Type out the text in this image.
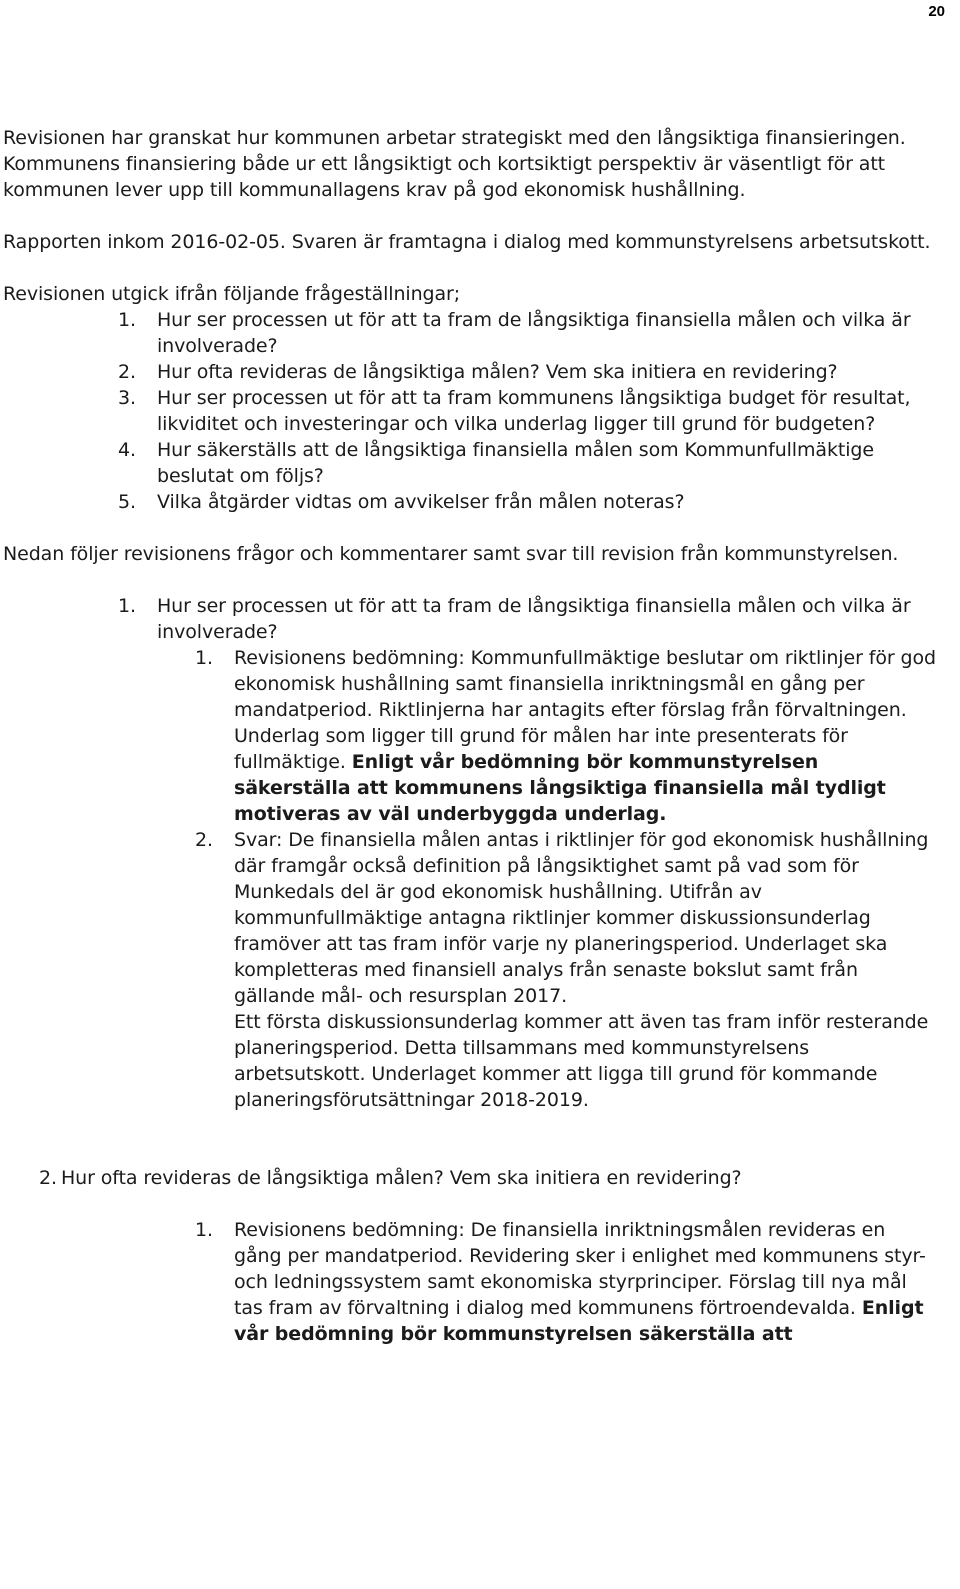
20

Revisionen har granskat hur kommunen arbetar strategiskt med den långsiktiga finansieringen. Kommunens finansiering både ur ett långsiktigt och kortsiktigt perspektiv är väsentligt för att kommunen lever upp till kommunallagens krav på god ekonomisk hushållning.

Rapporten inkom 2016-02-05. Svaren är framtagna i dialog med kommunstyrelsens arbetsutskott.

Revisionen utgick ifrån följande frågeställningar;

1.	Hur ser processen ut för att ta fram de långsiktiga finansiella målen och vilka är involverade?
2.	Hur ofta revideras de långsiktiga målen? Vem ska initiera en revidering?
3.	Hur ser processen ut för att ta fram kommunens långsiktiga budget för resultat, likviditet och investeringar och vilka underlag ligger till grund för budgeten?
4.	Hur säkerställs att de långsiktiga finansiella målen som Kommunfullmäktige beslutat om följs?
5.	Vilka åtgärder vidtas om avvikelser från målen noteras?

Nedan följer revisionens frågor och kommentarer samt svar till revision från kommunstyrelsen.

1.	Hur ser processen ut för att ta fram de långsiktiga finansiella målen och vilka är involverade?
1.	Revisionens bedömning: Kommunfullmäktige beslutar om riktlinjer för god ekonomisk hushållning samt finansiella inriktningsmål en gång per mandatperiod. Riktlinjerna har antagits efter förslag från förvaltningen. Underlag som ligger till grund för målen har inte presenterats för fullmäktige. Enligt vår bedömning bör kommunstyrelsen säkerställa att kommunens långsiktiga finansiella mål tydligt motiveras av väl underbyggda underlag.
2.	Svar: De finansiella målen antas i riktlinjer för god ekonomisk hushållning där framgår också definition på långsiktighet samt på vad som för Munkedals del är god ekonomisk hushållning. Utifrån av kommunfullmäktige antagna riktlinjer kommer diskussionsunderlag framöver att tas fram inför varje ny planeringsperiod. Underlaget ska kompletteras med finansiell analys från senaste bokslut samt från gällande mål- och resursplan 2017.
Ett första diskussionsunderlag kommer att även tas fram inför resterande planeringsperiod. Detta tillsammans med kommunstyrelsens arbetsutskott. Underlaget kommer att ligga till grund för kommande planeringsförutsättningar 2018-2019.
2. Hur ofta revideras de långsiktiga målen? Vem ska initiera en revidering?
1.	Revisionens bedömning: De finansiella inriktningsmålen revideras en gång per mandatperiod. Revidering sker i enlighet med kommunens styr- och ledningssystem samt ekonomiska styrprinciper. Förslag till nya mål tas fram av förvaltning i dialog med kommunens förtroendevalda. Enligt vår bedömning bör kommunstyrelsen säkerställa att
